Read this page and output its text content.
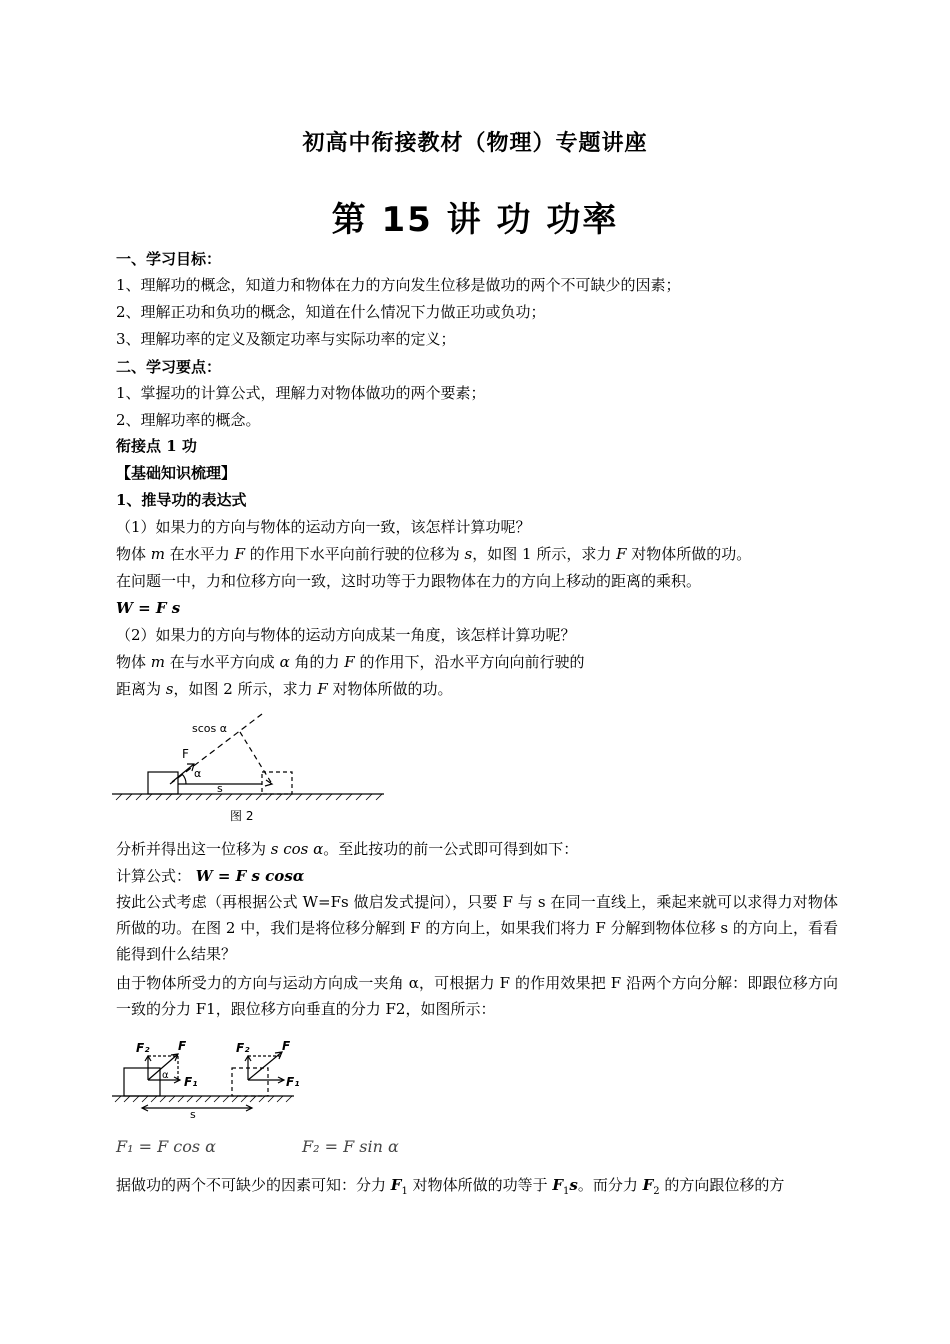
初高中衔接教材（物理）专题讲座
第 15 讲 功 功率
一、学习目标：
1、理解功的概念，知道力和物体在力的方向发生位移是做功的两个不可缺少的因素；
2、理解正功和负功的概念，知道在什么情况下力做正功或负功；
3、理解功率的定义及额定功率与实际功率的定义；
二、学习要点：
1、掌握功的计算公式，理解力对物体做功的两个要素；
2、理解功率的概念。
衔接点 1 功
【基础知识梳理】
1、推导功的表达式
（1）如果力的方向与物体的运动方向一致，该怎样计算功呢？
物体 m 在水平力 F 的作用下水平向前行驶的位移为 s，如图 1 所示，求力 F 对物体所做的功。
在问题一中，力和位移方向一致，这时功等于力跟物体在力的方向上移动的距离的乘积。
W = F s
（2）如果力的方向与物体的运动方向成某一角度，该怎样计算功呢？
物体 m 在与水平方向成 α 角的力 F 的作用下，沿水平方向向前行驶的
距离为 s，如图 2 所示，求力 F 对物体所做的功。
scos α
F
α
s
图 2
分析并得出这一位移为 s cos α。至此按功的前一公式即可得到如下：
计算公式： W = F s cosα
按此公式考虑（再根据公式 W=Fs 做启发式提问），只要 F 与 s 在同一直线上，乘起来就可以求得力对物体所做的功。在图 2 中，我们是将位移分解到 F 的方向上，如果我们将力 F 分解到物体位移 s 的方向上，看看能得到什么结果？
由于物体所受力的方向与运动方向成一夹角 α，可根据力 F 的作用效果把 F 沿两个方向分解：即跟位移方向一致的分力 F1，跟位移方向垂直的分力 F2，如图所示：
F₂ F
α F₁
F₂	F
F₁
s
F₁ = F cos α	F₂ = F sin α
据做功的两个不可缺少的因素可知：分力 $F_1$ 对物体所做的功等于 $F_1s$。而分力 $F_2$ 的方向跟位移的方
